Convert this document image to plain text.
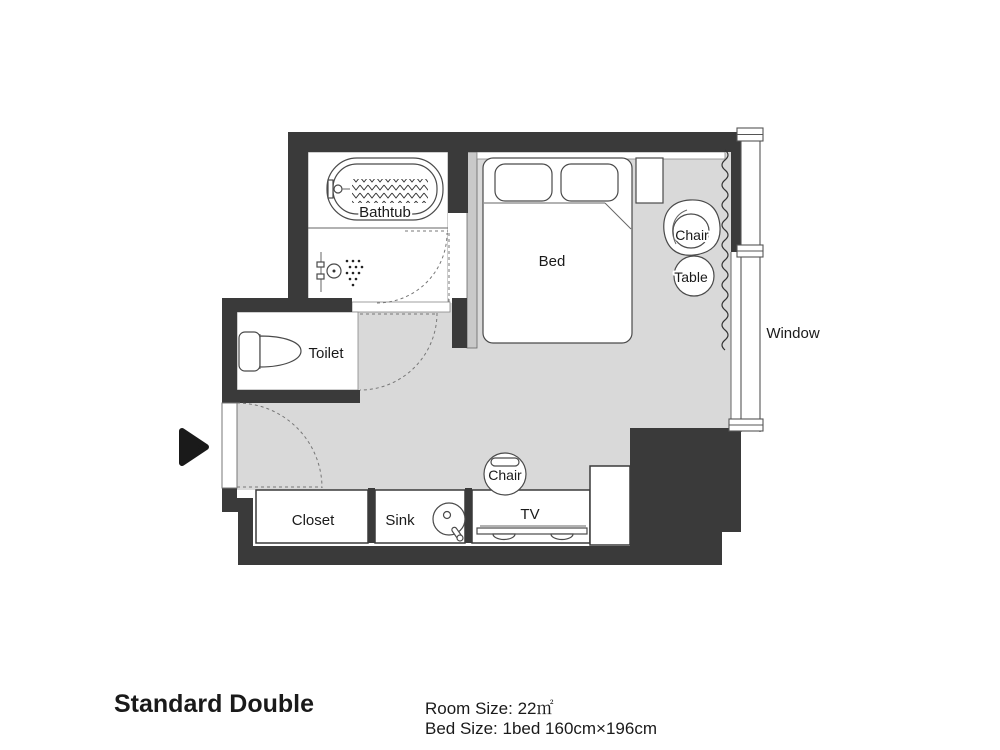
Bathtub
Toilet
Bed
Chair
Table
Window
Chair
Closet	Sink	TV
Standard Double	Room Size: 22㎡
Bed Size: 1bed 160cm×196cm
